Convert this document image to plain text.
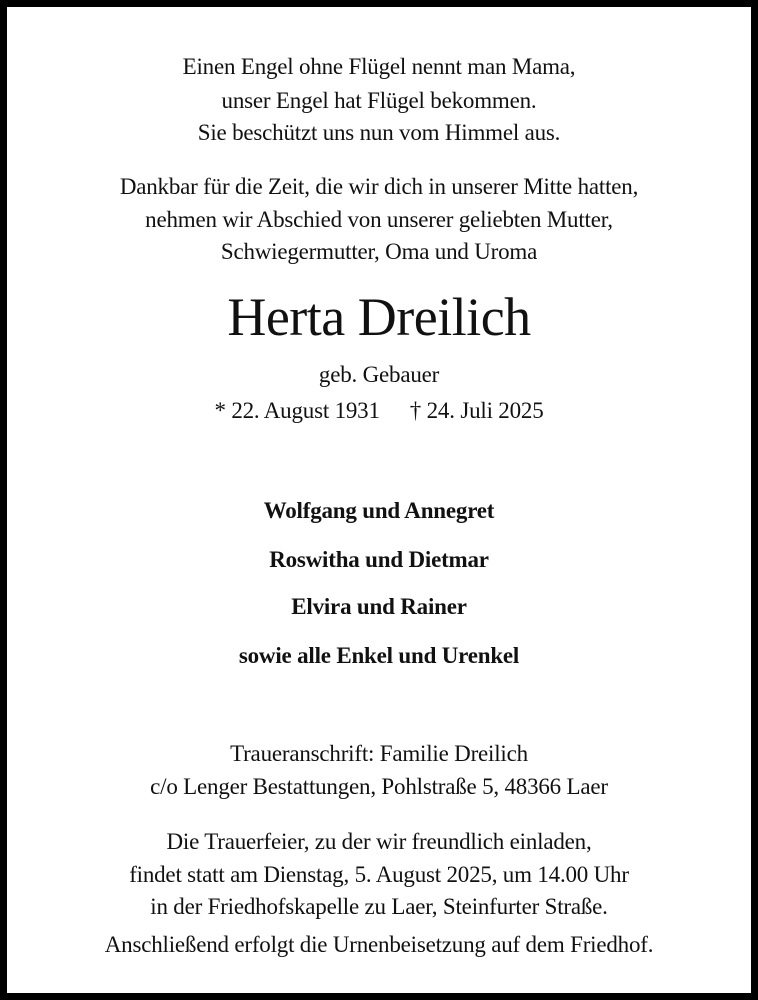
Einen Engel ohne Flügel nennt man Mama,
unser Engel hat Flügel bekommen.
Sie beschützt uns nun vom Himmel aus.
Dankbar für die Zeit, die wir dich in unserer Mitte hatten,
nehmen wir Abschied von unserer geliebten Mutter,
Schwiegermutter, Oma und Uroma
Herta Dreilich
geb. Gebauer
* 22. August 1931 † 24. Juli 2025
Wolfgang und Annegret
Roswitha und Dietmar
Elvira und Rainer
sowie alle Enkel und Urenkel
Traueranschrift: Familie Dreilich
c/o Lenger Bestattungen, Pohlstraße 5, 48366 Laer
Die Trauerfeier, zu der wir freundlich einladen,
findet statt am Dienstag, 5. August 2025, um 14.00 Uhr
in der Friedhofskapelle zu Laer, Steinfurter Straße.
Anschließend erfolgt die Urnenbeisetzung auf dem Friedhof.
